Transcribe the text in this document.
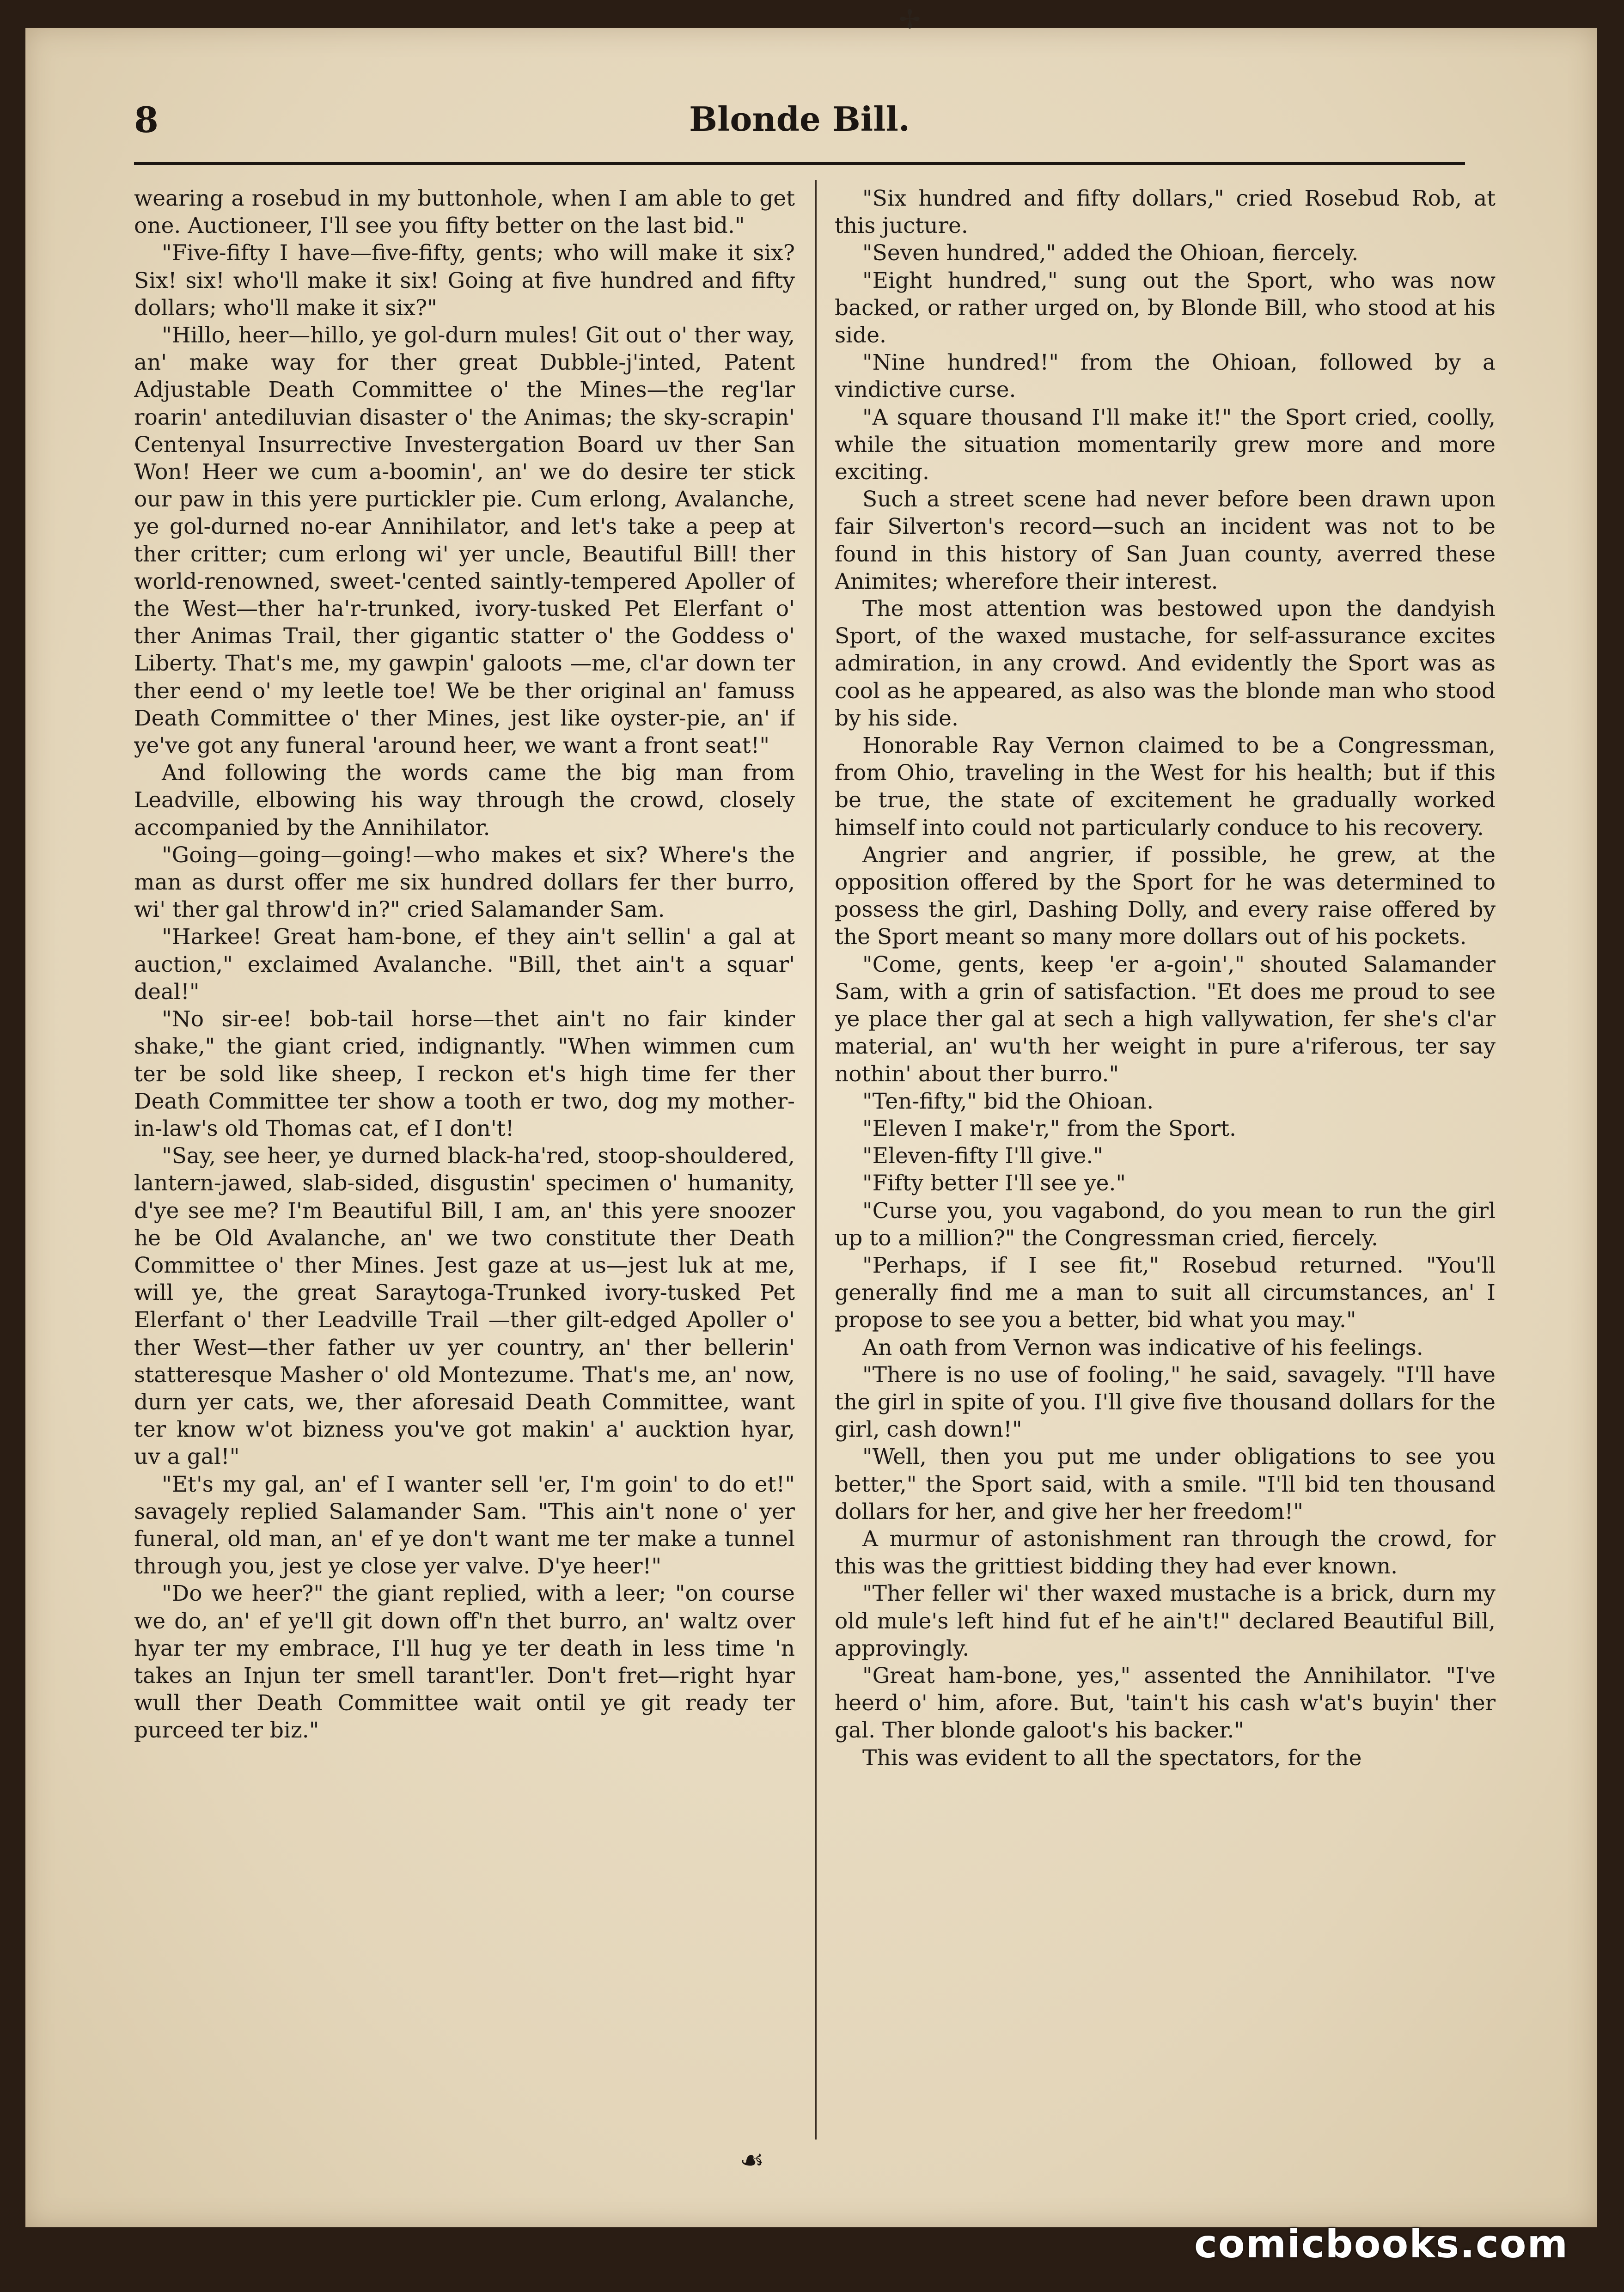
✢
8	Blonde Bill.

wearing a rosebud in my buttonhole, when I am able to get one. Auctioneer, I'll see you fifty better on the last bid."

"Five-fifty I have—five-fifty, gents; who will make it six? Six! six! who'll make it six! Going at five hundred and fifty dollars; who'll make it six?"

"Hillo, heer—hillo, ye gol-durn mules! Git out o' ther way, an' make way for ther great Dubble-j'inted, Patent Adjustable Death Committee o' the Mines—the reg'lar roarin' antediluvian disaster o' the Animas; the sky-scrapin' Centenyal Insurrective Investergation Board uv ther San Won! Heer we cum a-boomin', an' we do desire ter stick our paw in this yere purtickler pie. Cum erlong, Avalanche, ye gol-durned no-ear Annihilator, and let's take a peep at ther critter; cum erlong wi' yer uncle, Beautiful Bill! ther world-renowned, sweet-'cented saintly-tempered Apoller of the West—ther ha'r-trunked, ivory-tusked Pet Elerfant o' ther Animas Trail, ther gigantic statter o' the Goddess o' Liberty. That's me, my gawpin' galoots —me, cl'ar down ter ther eend o' my leetle toe! We be ther original an' famuss Death Committee o' ther Mines, jest like oyster-pie, an' if ye've got any funeral 'around heer, we want a front seat!"

And following the words came the big man from Leadville, elbowing his way through the crowd, closely accompanied by the Annihilator.

"Going—going—going!—who makes et six? Where's the man as durst offer me six hundred dollars fer ther burro, wi' ther gal throw'd in?" cried Salamander Sam.

"Harkee! Great ham-bone, ef they ain't sellin' a gal at auction," exclaimed Avalanche. "Bill, thet ain't a squar' deal!"

"No sir-ee! bob-tail horse—thet ain't no fair kinder shake," the giant cried, indignantly. "When wimmen cum ter be sold like sheep, I reckon et's high time fer ther Death Committee ter show a tooth er two, dog my mother-in-law's old Thomas cat, ef I don't!

"Say, see heer, ye durned black-ha'red, stoop-shouldered, lantern-jawed, slab-sided, disgustin' specimen o' humanity, d'ye see me? I'm Beautiful Bill, I am, an' this yere snoozer he be Old Avalanche, an' we two constitute ther Death Committee o' ther Mines. Jest gaze at us—jest luk at me, will ye, the great Saraytoga-Trunked ivory-tusked Pet Elerfant o' ther Leadville Trail —ther gilt-edged Apoller o' ther West—ther father uv yer country, an' ther bellerin' statteresque Masher o' old Montezume. That's me, an' now, durn yer cats, we, ther aforesaid Death Committee, want ter know w'ot bizness you've got makin' a' aucktion hyar, uv a gal!"

"Et's my gal, an' ef I wanter sell 'er, I'm goin' to do et!" savagely replied Salamander Sam. "This ain't none o' yer funeral, old man, an' ef ye don't want me ter make a tunnel through you, jest ye close yer valve. D'ye heer!"

"Do we heer?" the giant replied, with a leer; "on course we do, an' ef ye'll git down off'n thet burro, an' waltz over hyar ter my embrace, I'll hug ye ter death in less time 'n takes an Injun ter smell tarant'ler. Don't fret—right hyar wull ther Death Committee wait ontil ye git ready ter purceed ter biz."

"Six hundred and fifty dollars," cried Rosebud Rob, at this jucture.

"Seven hundred," added the Ohioan, fiercely.

"Eight hundred," sung out the Sport, who was now backed, or rather urged on, by Blonde Bill, who stood at his side.

"Nine hundred!" from the Ohioan, followed by a vindictive curse.

"A square thousand I'll make it!" the Sport cried, coolly, while the situation momentarily grew more and more exciting.

Such a street scene had never before been drawn upon fair Silverton's record—such an incident was not to be found in this history of San Juan county, averred these Animites; wherefore their interest.

The most attention was bestowed upon the dandyish Sport, of the waxed mustache, for self-assurance excites admiration, in any crowd. And evidently the Sport was as cool as he appeared, as also was the blonde man who stood by his side.

Honorable Ray Vernon claimed to be a Congressman, from Ohio, traveling in the West for his health; but if this be true, the state of excitement he gradually worked himself into could not particularly conduce to his recovery.

Angrier and angrier, if possible, he grew, at the opposition offered by the Sport for he was determined to possess the girl, Dashing Dolly, and every raise offered by the Sport meant so many more dollars out of his pockets.

"Come, gents, keep 'er a-goin'," shouted Salamander Sam, with a grin of satisfaction. "Et does me proud to see ye place ther gal at sech a high vallywation, fer she's cl'ar material, an' wu'th her weight in pure a'riferous, ter say nothin' about ther burro."

"Ten-fifty," bid the Ohioan.

"Eleven I make'r," from the Sport.

"Eleven-fifty I'll give."

"Fifty better I'll see ye."

"Curse you, you vagabond, do you mean to run the girl up to a million?" the Congressman cried, fiercely.

"Perhaps, if I see fit," Rosebud returned. "You'll generally find me a man to suit all circumstances, an' I propose to see you a better, bid what you may."

An oath from Vernon was indicative of his feelings.

"There is no use of fooling," he said, savagely. "I'll have the girl in spite of you. I'll give five thousand dollars for the girl, cash down!"

"Well, then you put me under obligations to see you better," the Sport said, with a smile. "I'll bid ten thousand dollars for her, and give her her freedom!"

A murmur of astonishment ran through the crowd, for this was the grittiest bidding they had ever known.

"Ther feller wi' ther waxed mustache is a brick, durn my old mule's left hind fut ef he ain't!" declared Beautiful Bill, approvingly.

"Great ham-bone, yes," assented the Annihilator. "I've heerd o' him, afore. But, 'tain't his cash w'at's buyin' ther gal. Ther blonde galoot's his backer."

This was evident to all the spectators, for the

☙
comicbooks.com
